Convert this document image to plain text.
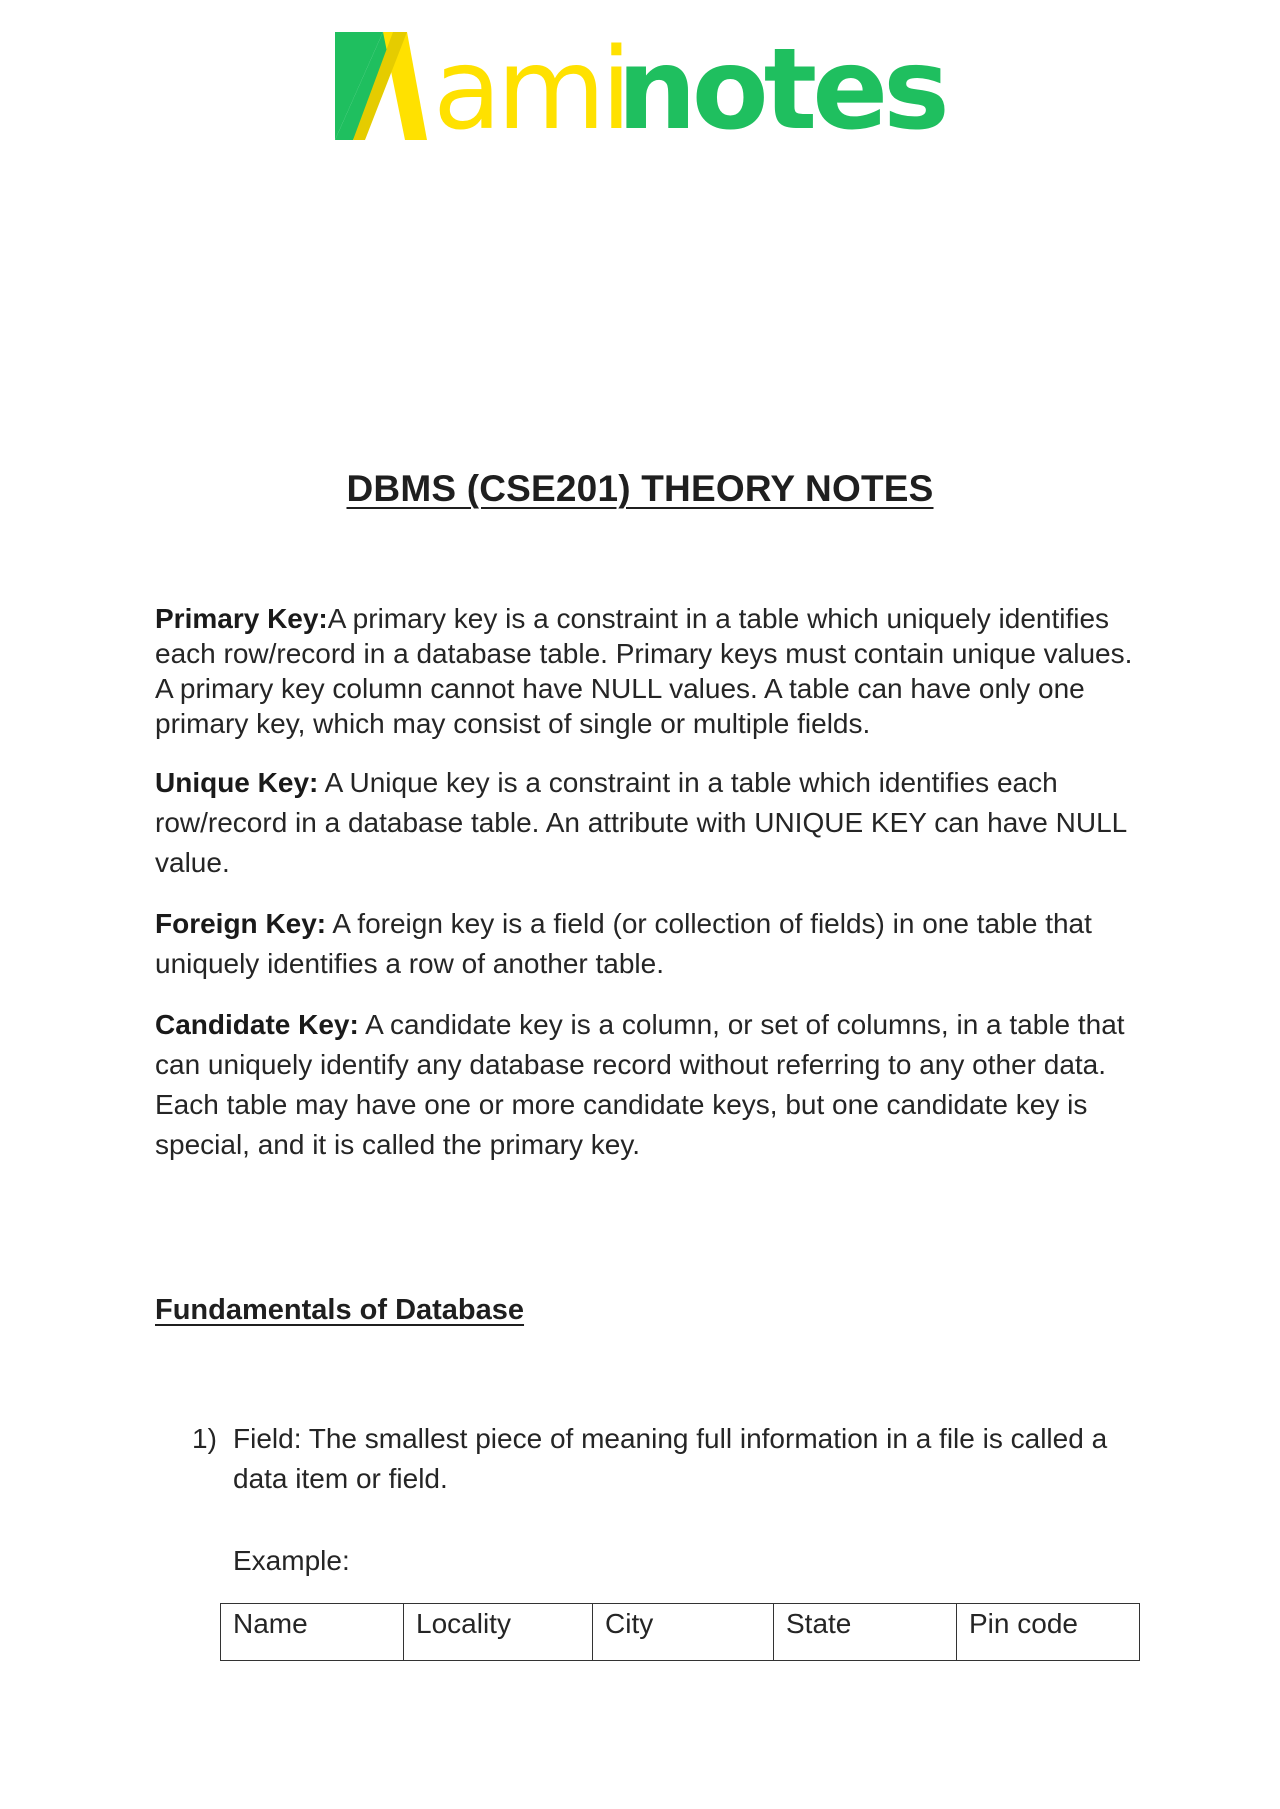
ami
notes
DBMS (CSE201) THEORY NOTES

Primary Key:A primary key is a constraint in a table which uniquely identifies each row/record in a database table. Primary keys must contain unique values. A primary key column cannot have NULL values. A table can have only one primary key, which may consist of single or multiple fields.

Unique Key: A Unique key is a constraint in a table which identifies each row/record in a database table. An attribute with UNIQUE KEY can have NULL value.

Foreign Key: A foreign key is a field (or collection of fields) in one table that uniquely identifies a row of another table.

Candidate Key: A candidate key is a column, or set of columns, in a table that can uniquely identify any database record without referring to any other data. Each table may have one or more candidate keys, but one candidate key is special, and it is called the primary key.

Fundamentals of Database
1) Field: The smallest piece of meaning full information in a file is called a data item or field.
Example:
Name	Locality	City	State	Pin code
